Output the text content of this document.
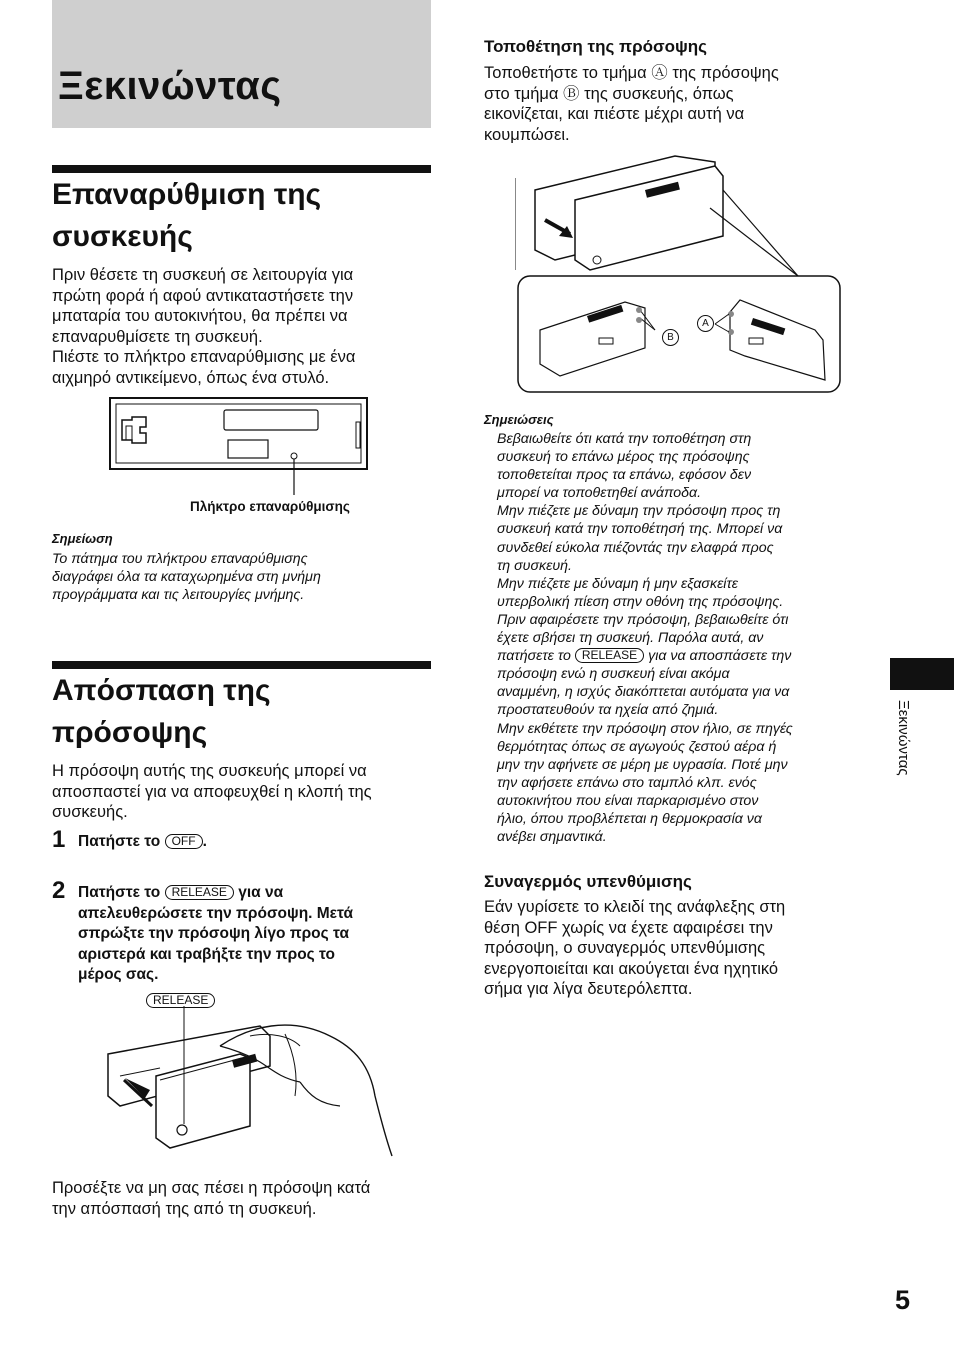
Ξεκινώντας
Επαναρύθμιση της
συσκευής

Πριν θέσετε τη συσκευή σε λειτουργία για

πρώτη φορά ή αφού αντικαταστήσετε την

μπαταρία του αυτοκινήτου, θα πρέπει να

επαναρυθμίσετε τη συσκευή.

Πιέστε το πλήκτρο επαναρύθμισης με ένα

αιχμηρό αντικείμενο, όπως ένα στυλό.

Πλήκτρο επαναρύθμισης
Σημείωση

Το πάτημα του πλήκτρου επαναρύθμισης

διαγράφει όλα τα καταχωρημένα στη μνήμη

προγράμματα και τις λειτουργίες μνήμης.

Απόσπαση της
πρόσοψης

Η πρόσοψη αυτής της συσκευής μπορεί να

αποσπαστεί για να αποφευχθεί η κλοπή της

συσκευής.

1 Πατήστε το OFF .
2 Πατήστε το RELEASE για να
απελευθερώσετε την πρόσοψη. Μετά
σπρώξτε την πρόσοψη λίγο προς τα
αριστερά και τραβήξτε την προς το
μέρος σας.
RELEASE

Προσέξτε να μη σας πέσει η πρόσοψη κατά

την απόσπασή της από τη συσκευή.

Τοποθέτηση της πρόσοψης

Τοποθετήστε το τμήμα Ⓐ της πρόσοψης

στο τμήμα Ⓑ της συσκευής, όπως

εικονίζεται, και πιέστε μέχρι αυτή να

κουμπώσει.

B
A
Σημειώσεις

Βεβαιωθείτε ότι κατά την τοποθέτηση στη

συσκευή το επάνω μέρος της πρόσοψης

τοποθετείται προς τα επάνω, εφόσον δεν

μπορεί να τοποθετηθεί ανάποδα.

Μην πιέζετε με δύναμη την πρόσοψη προς τη

συσκευή κατά την τοποθέτησή της. Μπορεί να

συνδεθεί εύκολα πιέζοντάς την ελαφρά προς

τη συσκευή.

Μην πιέζετε με δύναμη ή μην εξασκείτε

υπερβολική πίεση στην οθόνη της πρόσοψης.

Πριν αφαιρέσετε την πρόσοψη, βεβαιωθείτε ότι

έχετε σβήσει τη συσκευή. Παρόλα αυτά, αν

πατήσετε το RELEASE για να αποσπάσετε την

πρόσοψη ενώ η συσκευή είναι ακόμα

αναμμένη, η ισχύς διακόπτεται αυτόματα για να

προστατευθούν τα ηχεία από ζημιά.

Μην εκθέτετε την πρόσοψη στον ήλιο, σε πηγές

θερμότητας όπως σε αγωγούς ζεστού αέρα ή

μην την αφήνετε σε μέρη με υγρασία. Ποτέ μην

την αφήσετε επάνω στο ταμπλό κλπ. ενός

αυτοκινήτου που είναι παρκαρισμένο στον

ήλιο, όπου προβλέπεται η θερμοκρασία να

ανέβει σημαντικά.

Συναγερμός υπενθύμισης

Εάν γυρίσετε το κλειδί της ανάφλεξης στη

θέση OFF χωρίς να έχετε αφαιρέσει την

πρόσοψη, ο συναγερμός υπενθύμισης

ενεργοποιείται και ακούγεται ένα ηχητικό

σήμα για λίγα δευτερόλεπτα.

Ξεκινώντας
5
